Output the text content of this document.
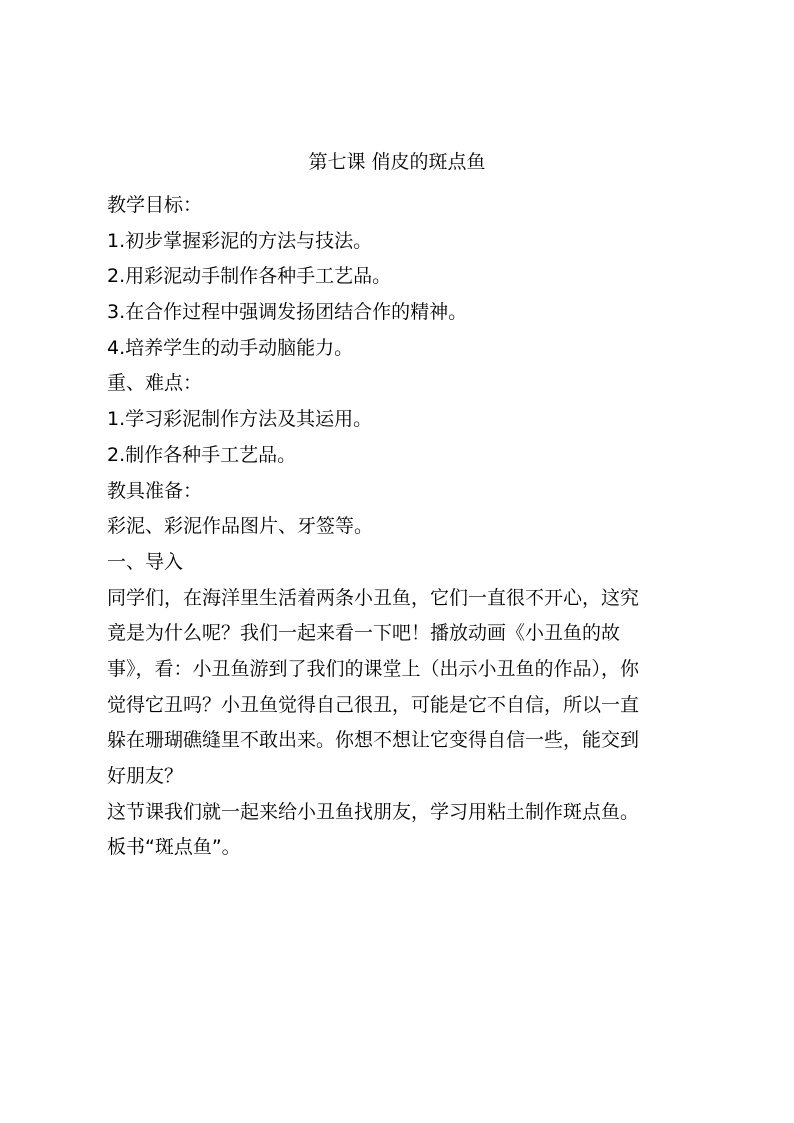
第七课 俏皮的斑点鱼
教学目标：
1.初步掌握彩泥的方法与技法。
2.用彩泥动手制作各种手工艺品。
3.在合作过程中强调发扬团结合作的精神。
4.培养学生的动手动脑能力。
重、难点：
1.学习彩泥制作方法及其运用。
2.制作各种手工艺品。
教具准备：
彩泥、彩泥作品图片、牙签等。
一、导入
同学们，在海洋里生活着两条小丑鱼，它们一直很不开心，这究
竟是为什么呢？我们一起来看一下吧！播放动画《小丑鱼的故
事》，看：小丑鱼游到了我们的课堂上（出示小丑鱼的作品），你
觉得它丑吗？小丑鱼觉得自己很丑，可能是它不自信，所以一直
躲在珊瑚礁缝里不敢出来。你想不想让它变得自信一些，能交到
好朋友？
这节课我们就一起来给小丑鱼找朋友，学习用粘土制作斑点鱼。
板书“斑点鱼”。
